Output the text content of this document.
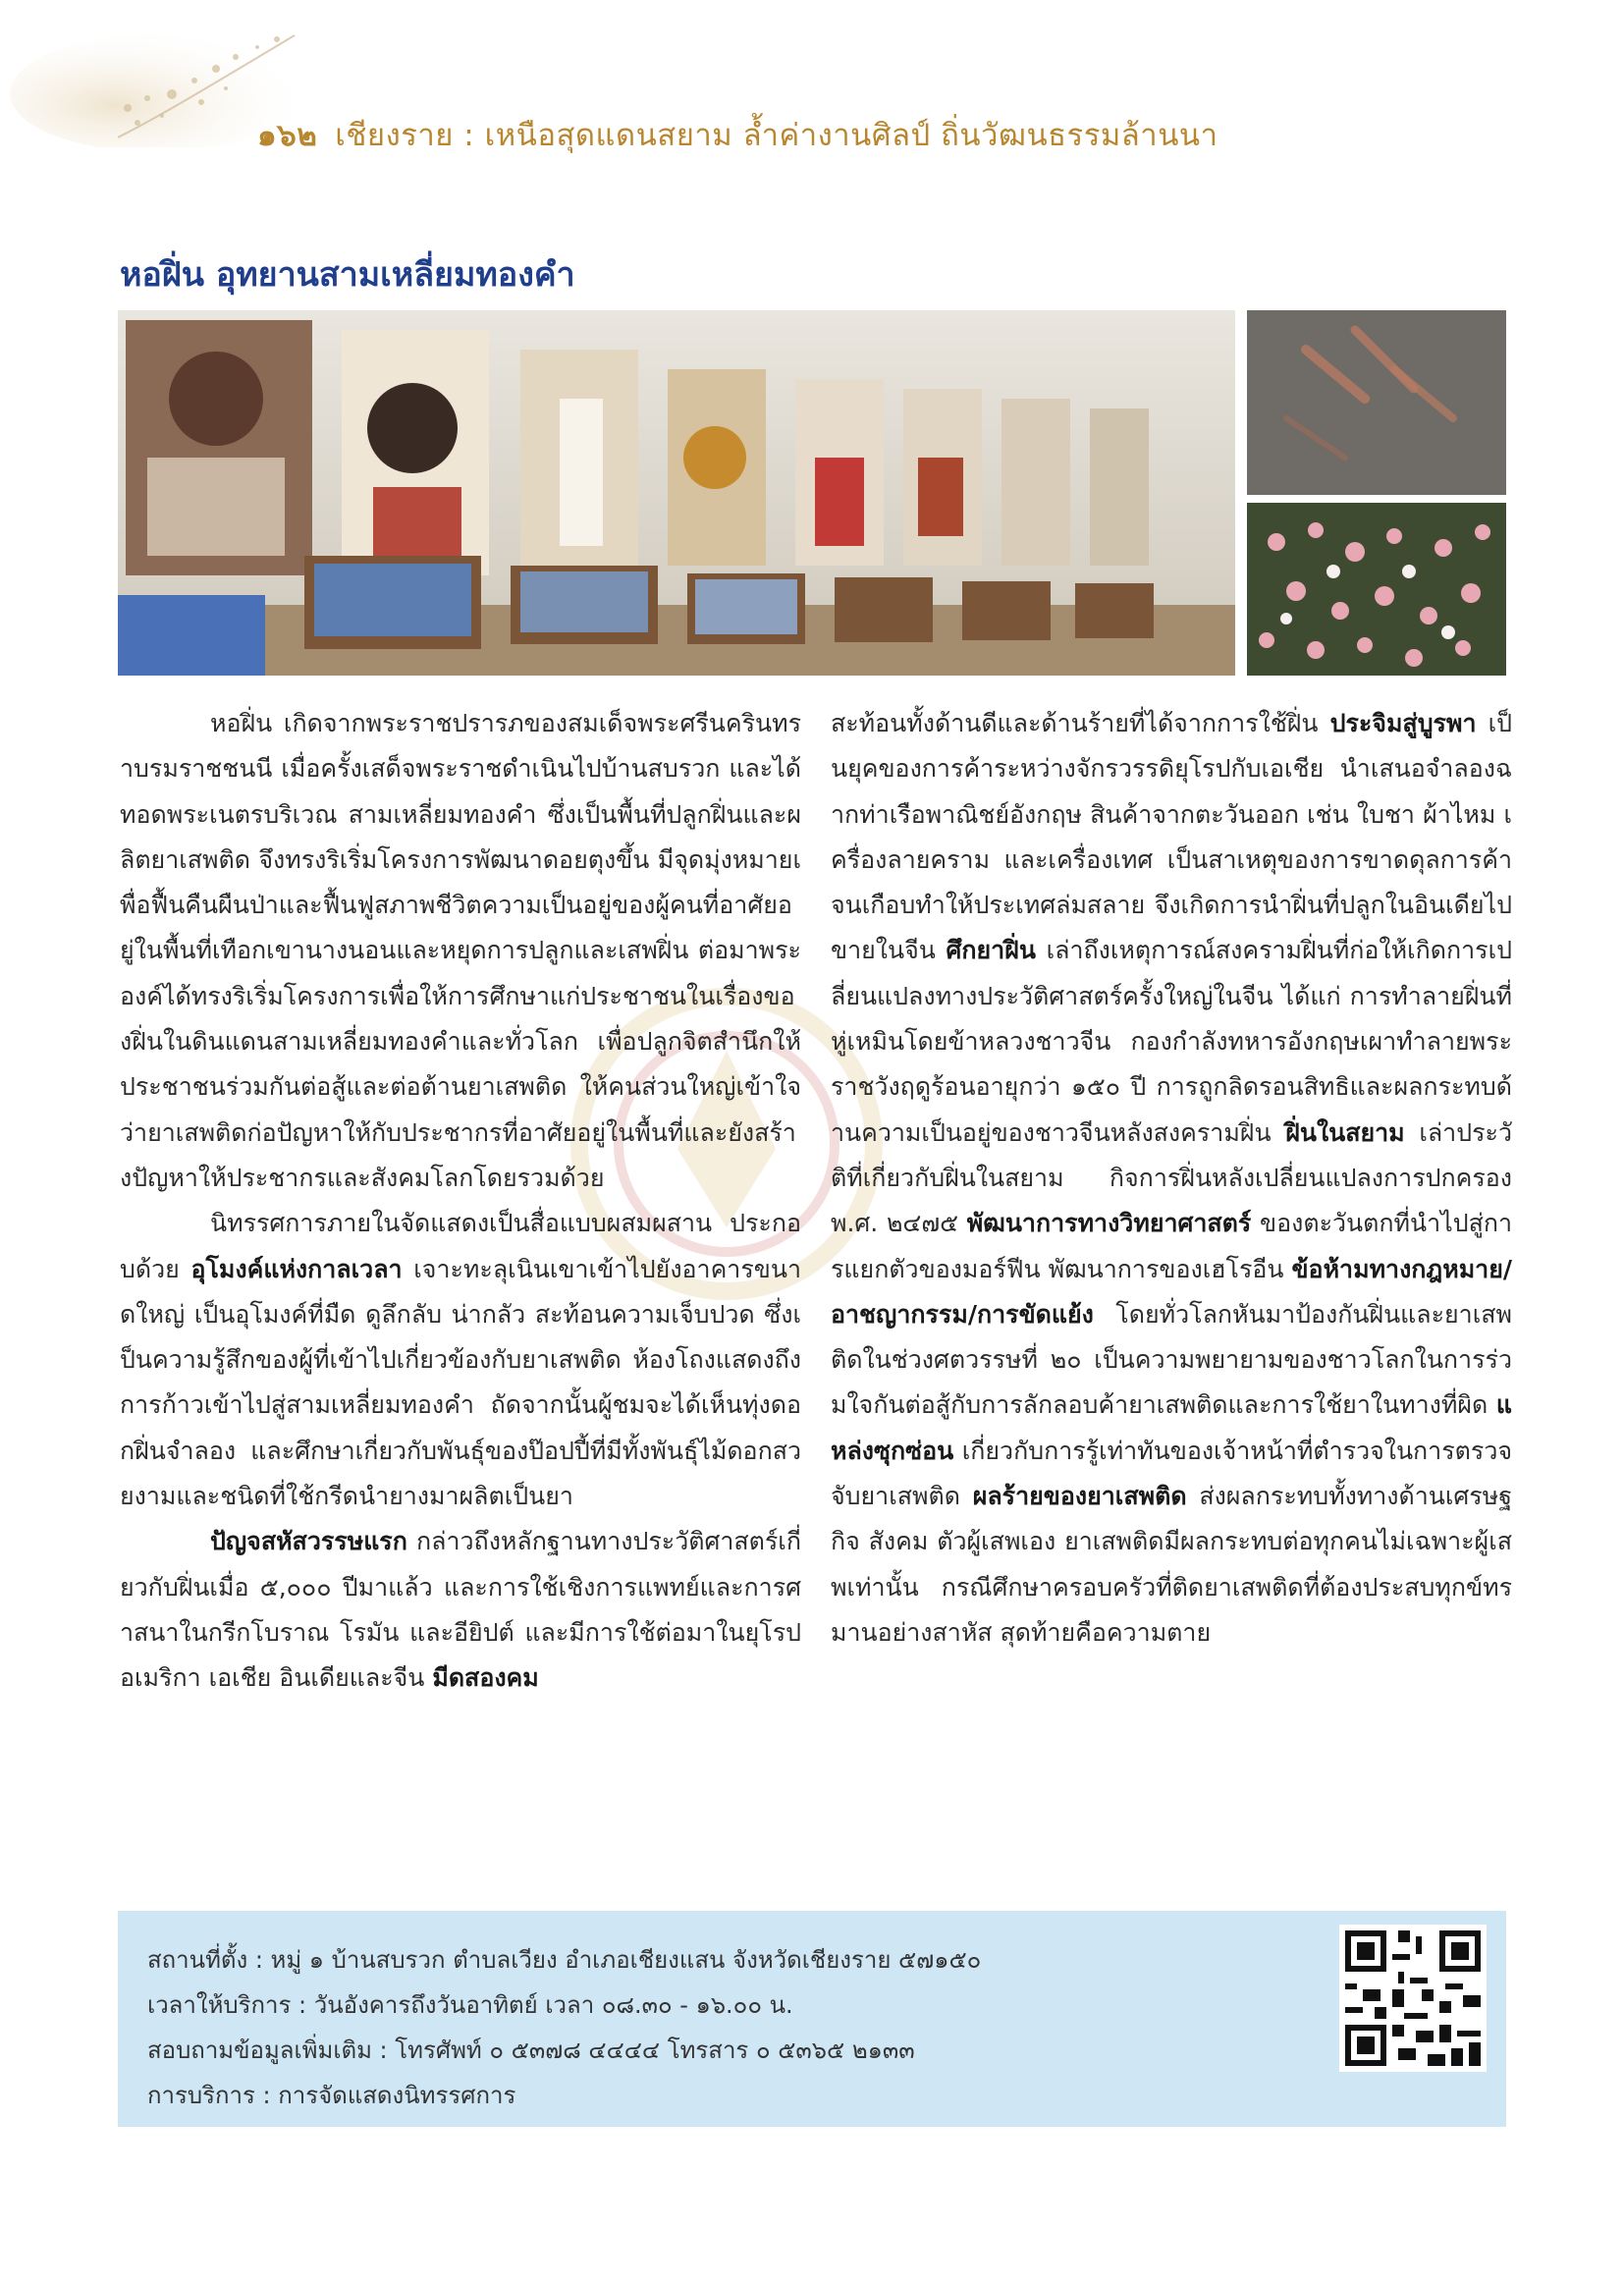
๑๖๒ เชียงราย : เหนือสุดแดนสยาม ล้ำค่างานศิลป์ ถิ่นวัฒนธรรมล้านนา
หอฝิ่น อุทยานสามเหลี่ยมทองคำ

หอฝิ่น เกิดจากพระราชปรารภของสมเด็จพระศรีนครินทราบรมราชชนนี เมื่อครั้งเสด็จพระราชดำเนินไปบ้านสบรวก และได้ทอดพระเนตรบริเวณ สามเหลี่ยมทองคำ ซึ่งเป็นพื้นที่ปลูกฝิ่นและผลิตยาเสพติด จึงทรงริเริ่มโครงการพัฒนาดอยตุงขึ้น มีจุดมุ่งหมายเพื่อฟื้นคืนผืนป่าและฟื้นฟูสภาพชีวิตความเป็นอยู่ของผู้คนที่อาศัยอยู่ในพื้นที่เทือกเขานางนอนและหยุดการปลูกและเสพฝิ่น ต่อมาพระองค์ได้ทรงริเริ่มโครงการเพื่อให้การศึกษาแก่ประชาชนในเรื่องของฝิ่นในดินแดนสามเหลี่ยมทองคำและทั่วโลก เพื่อปลูกจิตสำนึกให้ประชาชนร่วมกันต่อสู้และต่อต้านยาเสพติด ให้คนส่วนใหญ่เข้าใจว่ายาเสพติดก่อปัญหาให้กับประชากรที่อาศัยอยู่ในพื้นที่และยังสร้างปัญหาให้ประชากรและสังคมโลกโดยรวมด้วย

นิทรรศการภายในจัดแสดงเป็นสื่อแบบผสมผสาน ประกอบด้วย อุโมงค์แห่งกาลเวลา เจาะทะลุเนินเขาเข้าไปยังอาคารขนาดใหญ่ เป็นอุโมงค์ที่มืด ดูลึกลับ น่ากลัว สะท้อนความเจ็บปวด ซึ่งเป็นความรู้สึกของผู้ที่เข้าไปเกี่ยวข้องกับยาเสพติด ห้องโถงแสดงถึงการก้าวเข้าไปสู่สามเหลี่ยมทองคำ ถัดจากนั้นผู้ชมจะได้เห็นทุ่งดอกฝิ่นจำลอง และศึกษาเกี่ยวกับพันธุ์ของป๊อปปี้ที่มีทั้งพันธุ์ไม้ดอกสวยงามและชนิดที่ใช้กรีดนำยางมาผลิตเป็นยา

ปัญจสหัสวรรษแรก กล่าวถึงหลักฐานทางประวัติศาสตร์เกี่ยวกับฝิ่นเมื่อ ๕,๐๐๐ ปีมาแล้ว และการใช้เชิงการแพทย์และการศาสนาในกรีกโบราณ โรมัน และอียิปต์ และมีการใช้ต่อมาในยุโรป อเมริกา เอเชีย อินเดียและจีน มีดสองคม

สะท้อนทั้งด้านดีและด้านร้ายที่ได้จากการใช้ฝิ่น ประจิมสู่บูรพา เป็นยุคของการค้าระหว่างจักรวรรดิยุโรปกับเอเชีย นำเสนอจำลองฉากท่าเรือพาณิชย์อังกฤษ สินค้าจากตะวันออก เช่น ใบชา ผ้าไหม เครื่องลายคราม และเครื่องเทศ เป็นสาเหตุของการขาดดุลการค้าจนเกือบทำให้ประเทศล่มสลาย จึงเกิดการนำฝิ่นที่ปลูกในอินเดียไปขายในจีน ศึกยาฝิ่น เล่าถึงเหตุการณ์สงครามฝิ่นที่ก่อให้เกิดการเปลี่ยนแปลงทางประวัติศาสตร์ครั้งใหญ่ในจีน ได้แก่ การทำลายฝิ่นที่หู่เหมินโดยข้าหลวงชาวจีน กองกำลังทหารอังกฤษเผาทำลายพระราชวังฤดูร้อนอายุกว่า ๑๕๐ ปี การถูกลิดรอนสิทธิและผลกระทบด้านความเป็นอยู่ของชาวจีนหลังสงครามฝิ่น ฝิ่นในสยาม เล่าประวัติที่เกี่ยวกับฝิ่นในสยาม กิจการฝิ่นหลังเปลี่ยนแปลงการปกครอง พ.ศ. ๒๔๗๕ พัฒนาการทางวิทยาศาสตร์ ของตะวันตกที่นำไปสู่การแยกตัวของมอร์ฟีน พัฒนาการของเฮโรอีน ข้อห้ามทางกฎหมาย/อาชญากรรม/การขัดแย้ง โดยทั่วโลกหันมาป้องกันฝิ่นและยาเสพติดในช่วงศตวรรษที่ ๒๐ เป็นความพยายามของชาวโลกในการร่วมใจกันต่อสู้กับการลักลอบค้ายาเสพติดและการใช้ยาในทางที่ผิด แหล่งซุกซ่อน เกี่ยวกับการรู้เท่าทันของเจ้าหน้าที่ตำรวจในการตรวจจับยาเสพติด ผลร้ายของยาเสพติด ส่งผลกระทบทั้งทางด้านเศรษฐกิจ สังคม ตัวผู้เสพเอง ยาเสพติดมีผลกระทบต่อทุกคนไม่เฉพาะผู้เสพเท่านั้น กรณีศึกษาครอบครัวที่ติดยาเสพติดที่ต้องประสบทุกข์ทรมานอย่างสาหัส สุดท้ายคือความตาย

สถานที่ตั้ง : หมู่ ๑ บ้านสบรวก ตำบลเวียง อำเภอเชียงแสน จังหวัดเชียงราย ๕๗๑๕๐
เวลาให้บริการ : วันอังคารถึงวันอาทิตย์ เวลา ๐๘.๓๐ - ๑๖.๐๐ น.
สอบถามข้อมูลเพิ่มเติม : โทรศัพท์ ๐ ๕๓๗๘ ๔๔๔๔ โทรสาร ๐ ๕๓๖๕ ๒๑๓๓
การบริการ : การจัดแสดงนิทรรศการ
